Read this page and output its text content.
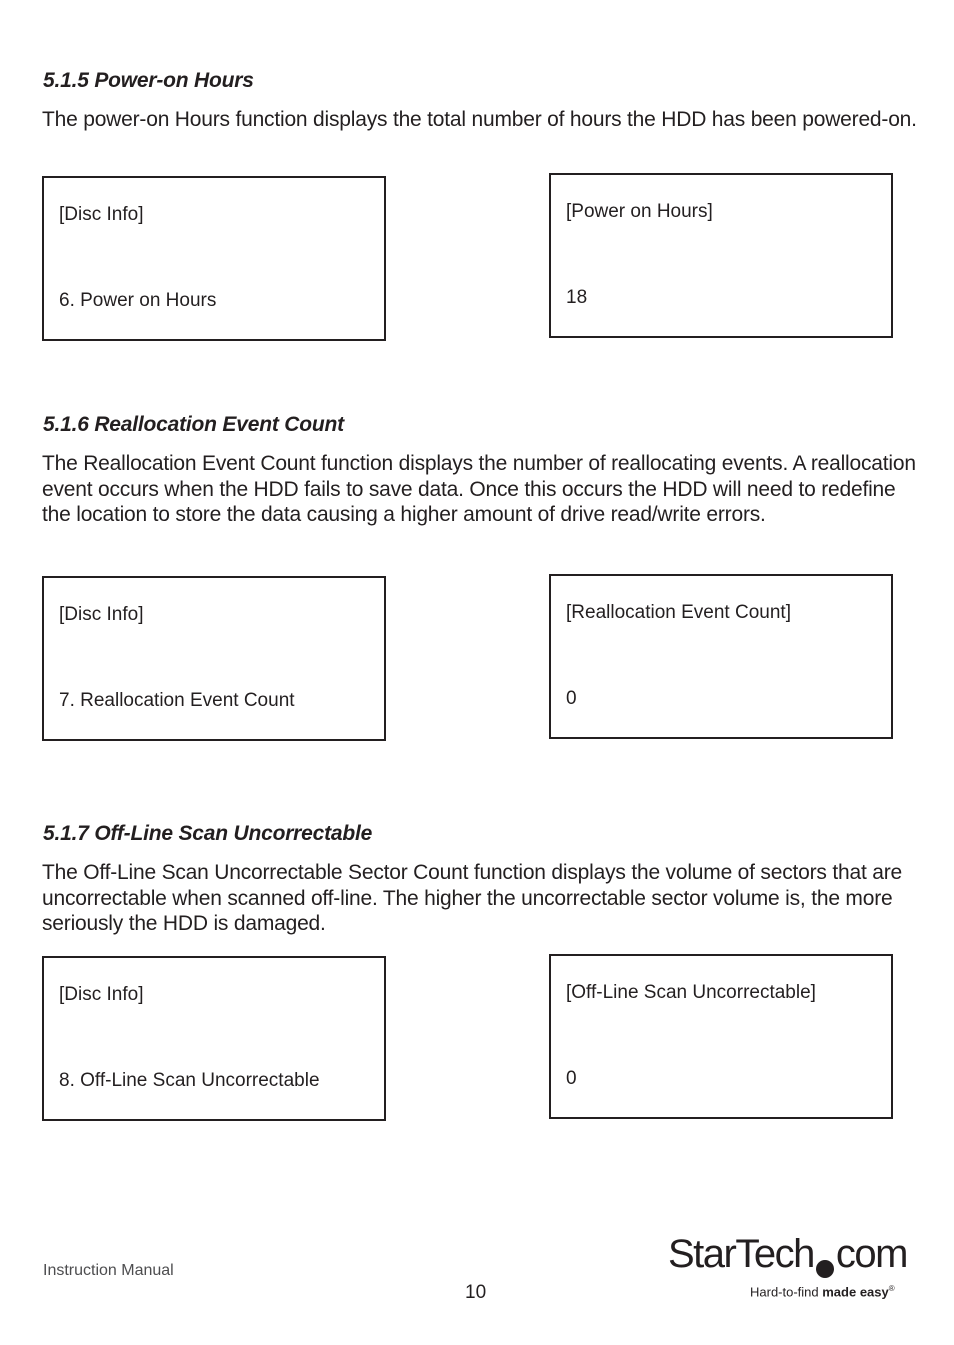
5.1.5 Power-on Hours

The power-on Hours function displays the total number of hours the HDD has been powered-on.

[Disc Info]
6. Power on Hours
[Power on Hours]
18
5.1.6 Reallocation Event Count

The Reallocation Event Count function displays the number of reallocating events. A reallocation event occurs when the HDD fails to save data. Once this occurs the HDD will need to redefine the location to store the data causing a higher amount of drive read/write errors.

[Disc Info]
7. Reallocation Event Count
[Reallocation Event Count]
0
5.1.7 Off-Line Scan Uncorrectable

The Off-Line Scan Uncorrectable Sector Count function displays the volume of sectors that are uncorrectable when scanned off-line. The higher the uncorrectable sector volume is, the more seriously the HDD is damaged.

[Disc Info]
8. Off-Line Scan Uncorrectable
[Off-Line Scan Uncorrectable]
0
Instruction Manual
10
StarTech com
Hard-to-find made easy®
